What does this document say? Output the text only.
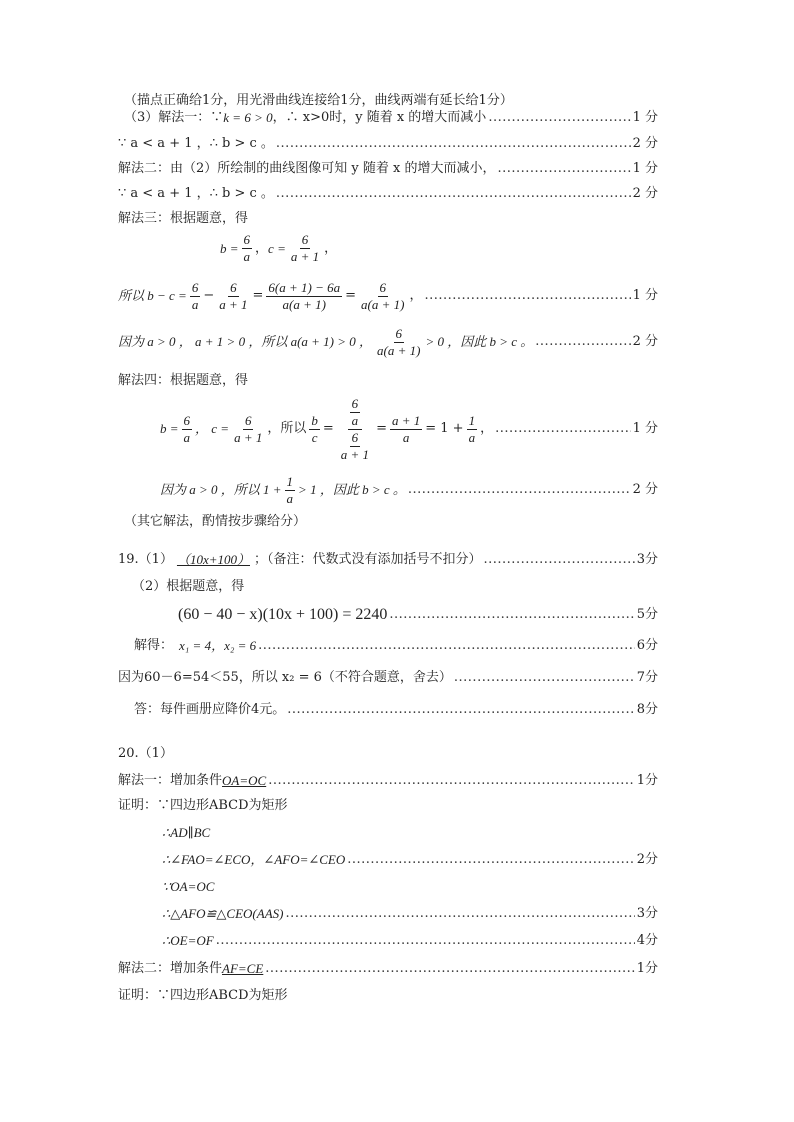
（描点正确给1分，用光滑曲线连接给1分，曲线两端有延长给1分）
（3）解法一：∵ k = 6 > 0 ，∴ x>0时，y 随着 x 的增大而减小 .....	1 分
∵ a < a + 1 ，∴ b > c 。 .....	2 分
解法二：由（2）所绘制的曲线图像可知 y 随着 x 的增大而减小， .....	1 分
∵ a < a + 1 ，∴ b > c 。 .....	2 分
解法三：根据题意，得
$b = \frac{6}{a}$ ， $c = \frac{6}{a + 1}$ ，
所以 $b - c = \frac{6}{a} - \frac{6}{a + 1} = \frac{6(a + 1) - 6a}{a(a + 1)} = \frac{6}{a(a + 1)}$ ， .....	1 分
因为 a > 0 ， a + 1 > 0 ，所以 a(a + 1) > 0 ， $\frac{6}{a(a + 1)} > 0$ ，因此 b > c 。 .....	2 分
解法四：根据题意，得
$b = \frac{6}{a}$ ， $c = \frac{6}{a + 1}$ ，所以 $\frac{b}{c} = \frac{\frac{6}{a}}{\frac{6}{a + 1}} = \frac{a + 1}{a} = 1 + \frac{1}{a}$ ， .....	1 分
因为 a > 0 ，所以 $1 + \frac{1}{a} > 1$ ，因此 b > c 。 .....	2 分
（其它解法，酌情按步骤给分）
19.（1） （10x+100） ；（备注：代数式没有添加括号不扣分） .....	3分
（2）根据题意，得
(60 − 40 − x)(10x + 100) = 2240 .....	5分
解得： x₁ = 4，x₂ = 6 .....	6分
因为60－6=54＜55，所以 x₂ = 6（不符合题意，舍去） .....	7分
答：每件画册应降价4元。 .....	8分
20.（1）
解法一：增加条件 OA=OC .....	1分
证明：∵四边形ABCD为矩形
∴AD∥BC
∴∠FAO=∠ECO，∠AFO=∠CEO .....	2分
∵OA=OC
∴△AFO≌△CEO(AAS) .....	3分
∴OE=OF .....	4分
解法二：增加条件 AF=CE .....	1分
证明：∵四边形ABCD为矩形
